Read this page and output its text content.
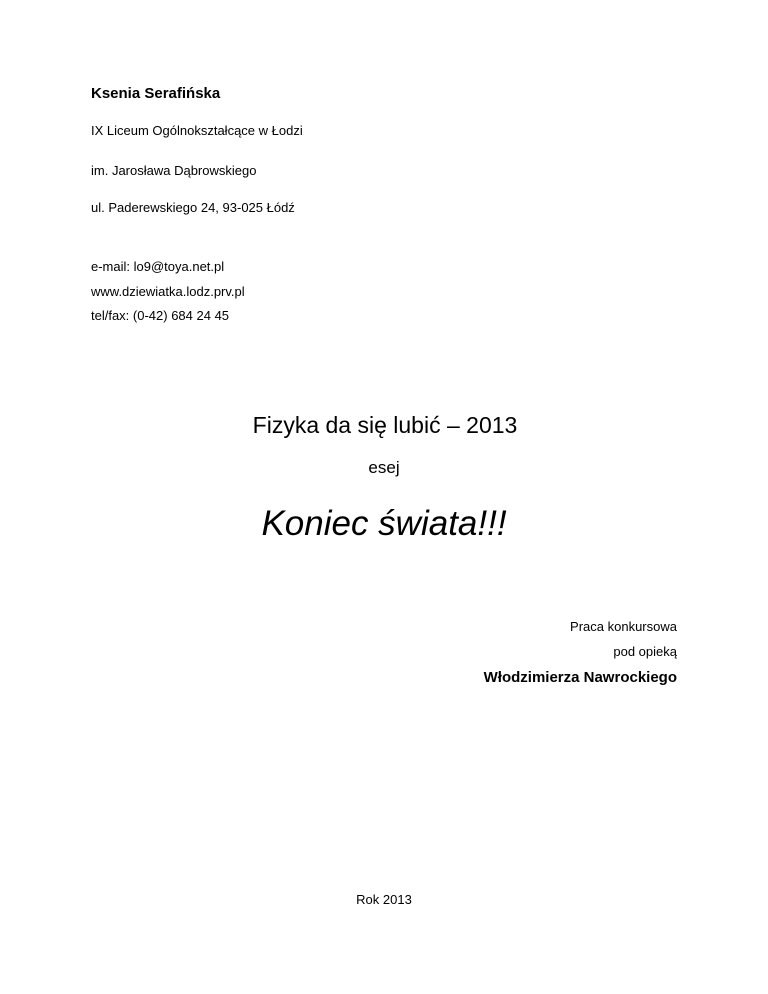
Ksenia Serafińska
IX Liceum Ogólnokształcące w Łodzi
im. Jarosława Dąbrowskiego
ul. Paderewskiego 24, 93-025 Łódź
e-mail: lo9@toya.net.pl
www.dziewiatka.lodz.prv.pl
tel/fax: (0-42) 684 24 45
Fizyka da się lubić – 2013
esej
Koniec świata!!!
Praca konkursowa
pod opieką
Włodzimierza Nawrockiego
Rok 2013
